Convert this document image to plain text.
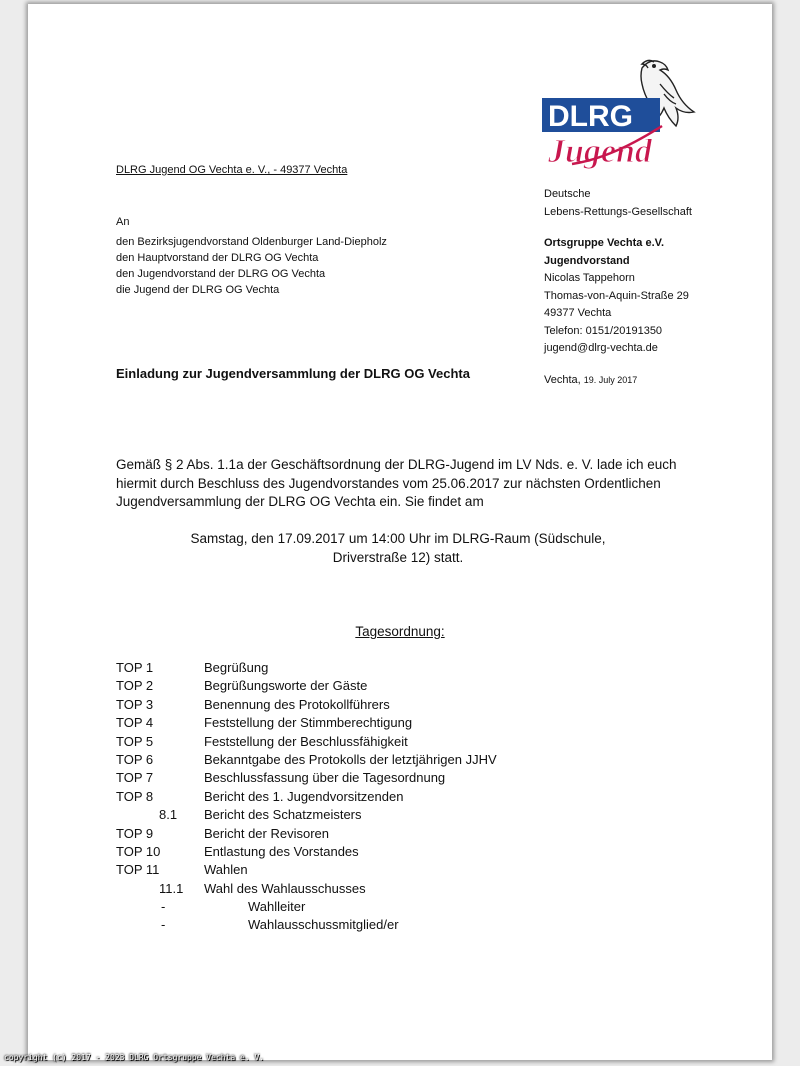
DLRG Jugend OG Vechta e. V., - 49377 Vechta
An
den Bezirksjugendvorstand Oldenburger Land-Diepholz
den Hauptvorstand der DLRG OG Vechta
den Jugendvorstand der DLRG OG Vechta
die Jugend der DLRG OG Vechta
DLRG
Jugend
Deutsche
Lebens-Rettungs-Gesellschaft
Ortsgruppe Vechta e.V.
Jugendvorstand
Nicolas Tappehorn
Thomas-von-Aquin-Straße 29
49377 Vechta
Telefon: 0151/20191350
jugend@dlrg-vechta.de
Einladung zur Jugendversammlung der DLRG OG Vechta	Vechta, 19. July 2017
Gemäß § 2 Abs. 1.1a der Geschäftsordnung der DLRG-Jugend im LV Nds. e. V. lade ich euch
hiermit durch Beschluss des Jugendvorstandes vom 25.06.2017 zur nächsten Ordentlichen
Jugendversammlung der DLRG OG Vechta ein. Sie findet am
Samstag, den 17.09.2017 um 14:00 Uhr im DLRG-Raum (Südschule,
Driverstraße 12) statt.
Tagesordnung:
TOP 1	Begrüßung
TOP 2	Begrüßungsworte der Gäste
TOP 3	Benennung des Protokollführers
TOP 4	Feststellung der Stimmberechtigung
TOP 5	Feststellung der Beschlussfähigkeit
TOP 6	Bekanntgabe des Protokolls der letztjährigen JJHV
TOP 7	Beschlussfassung über die Tagesordnung
TOP 8	Bericht des 1. Jugendvorsitzenden
8.1 Bericht des Schatzmeisters
TOP 9	Bericht der Revisoren
TOP 10	Entlastung des Vorstandes
TOP 11	Wahlen
11.1 Wahl des Wahlausschusses
-	Wahlleiter
-	Wahlausschussmitglied/er
copyright (c) 2017 - 2023 DLRG Ortsgruppe Vechta e. V.
